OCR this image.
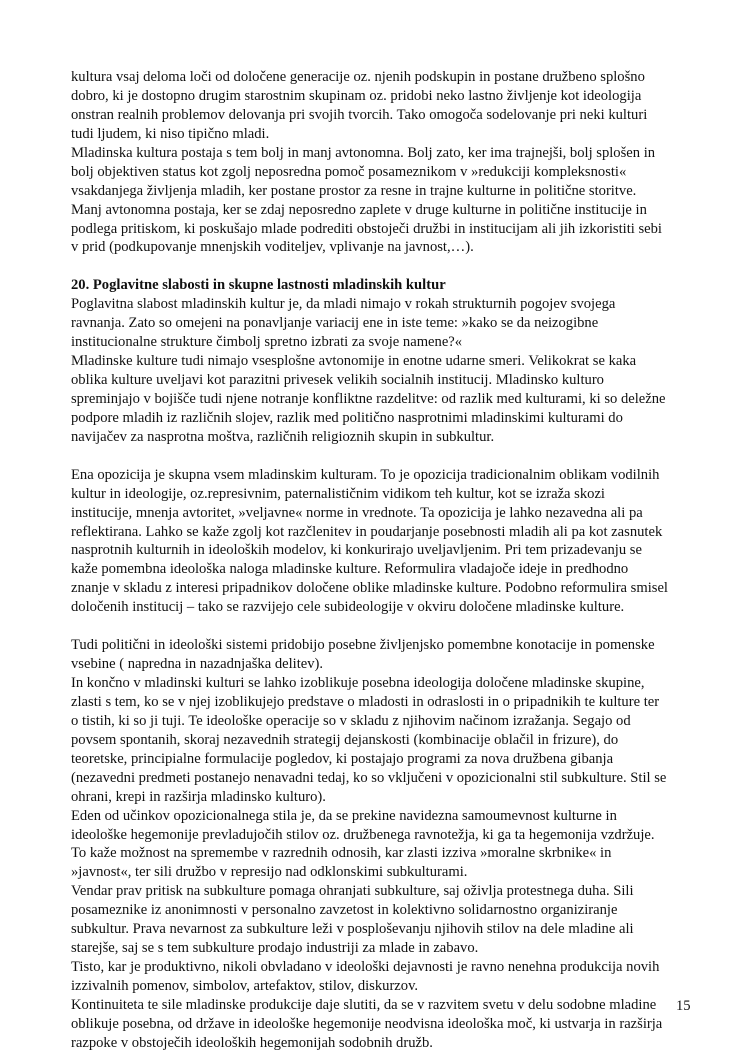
kultura vsaj deloma loči od določene generacije oz. njenih podskupin in postane družbeno splošno
dobro, ki je dostopno drugim starostnim skupinam oz. pridobi neko lastno življenje kot ideologija
onstran realnih problemov delovanja pri svojih tvorcih. Tako omogoča sodelovanje pri neki kulturi
tudi ljudem, ki niso tipično mladi.
Mladinska kultura postaja s tem bolj in manj avtonomna. Bolj zato, ker ima trajnejši, bolj splošen in
bolj objektiven status kot zgolj neposredna pomoč posameznikom v »redukciji kompleksnosti«
vsakdanjega življenja mladih, ker postane prostor za resne in trajne kulturne in politične storitve.
Manj avtonomna postaja, ker se zdaj neposredno zaplete v druge kulturne in politične institucije in
podlega pritiskom, ki poskušajo mlade podrediti obstoječi družbi in institucijam ali jih izkoristiti sebi
v prid (podkupovanje mnenjskih voditeljev, vplivanje na javnost,…).
20. Poglavitne slabosti in skupne lastnosti mladinskih kultur
Poglavitna slabost mladinskih kultur je, da mladi nimajo v rokah strukturnih pogojev svojega
ravnanja. Zato so omejeni na ponavljanje variacij ene in iste teme: »kako se da neizogibne
institucionalne strukture čimbolj spretno izbrati za svoje namene?«
Mladinske kulture tudi nimajo vsesplošne avtonomije in enotne udarne smeri. Velikokrat se kaka
oblika kulture uveljavi kot parazitni privesek velikih socialnih institucij. Mladinsko kulturo
spreminjajo v bojišče tudi njene notranje konfliktne razdelitve: od razlik med kulturami, ki so deležne
podpore mladih iz različnih slojev, razlik med politično nasprotnimi mladinskimi kulturami do
navijačev za nasprotna moštva, različnih religioznih skupin in subkultur.
Ena opozicija je skupna vsem mladinskim kulturam. To je opozicija tradicionalnim oblikam vodilnih
kultur in ideologije, oz.represivnim, paternalističnim vidikom teh kultur, kot se izraža skozi
institucije, mnenja avtoritet, »veljavne« norme in vrednote. Ta opozicija je lahko nezavedna ali pa
reflektirana. Lahko se kaže zgolj kot razčlenitev in poudarjanje posebnosti mladih ali pa kot zasnutek
nasprotnih kulturnih in ideoloških modelov, ki konkurirajo uveljavljenim. Pri tem prizadevanju se
kaže pomembna ideološka naloga mladinske kulture. Reformulira vladajoče ideje in predhodno
znanje v skladu z interesi pripadnikov določene oblike mladinske kulture. Podobno reformulira smisel
določenih institucij – tako se razvijejo cele subideologije v okviru določene mladinske kulture.
Tudi politični in ideološki sistemi pridobijo posebne življenjsko pomembne konotacije in pomenske
vsebine ( napredna in nazadnjaška delitev).
In končno v mladinski kulturi se lahko izoblikuje posebna ideologija določene mladinske skupine,
zlasti s tem, ko se v njej izoblikujejo predstave o mladosti in odraslosti in o pripadnikih te kulture ter
o tistih, ki so ji tuji. Te ideološke operacije so v skladu z njihovim načinom izražanja. Segajo od
povsem spontanih, skoraj nezavednih strategij dejanskosti (kombinacije oblačil in frizure), do
teoretske, principialne formulacije pogledov, ki postajajo programi za nova družbena gibanja
(nezavedni predmeti postanejo nenavadni tedaj, ko so vključeni v opozicionalni stil subkulture. Stil se
ohrani, krepi in razširja mladinsko kulturo).
Eden od učinkov opozicionalnega stila je, da se prekine navidezna samoumevnost kulturne in
ideološke hegemonije prevladujočih stilov oz. družbenega ravnotežja, ki ga ta hegemonija vzdržuje.
To kaže možnost na spremembe v razrednih odnosih, kar zlasti izziva »moralne skrbnike« in
»javnost«, ter sili družbo v represijo nad odklonskimi subkulturami.
Vendar prav pritisk na subkulture pomaga ohranjati subkulture, saj oživlja protestnega duha. Sili
posameznike iz anonimnosti v personalno zavzetost in kolektivno solidarnostno organiziranje
subkultur. Prava nevarnost za subkulture leži v posploševanju njihovih stilov na dele mladine ali
starejše, saj se s tem subkulture prodajo industriji za mlade in zabavo.
Tisto, kar je produktivno, nikoli obvladano v ideološki dejavnosti je ravno nenehna produkcija novih
izzivalnih pomenov, simbolov, artefaktov, stilov, diskurzov.
Kontinuiteta te sile mladinske produkcije daje slutiti, da se v razvitem svetu v delu sodobne mladine
oblikuje posebna, od države in ideološke hegemonije neodvisna ideološka moč, ki ustvarja in razširja
razpoke v obstoječih ideoloških hegemonijah sodobnih družb.
15
